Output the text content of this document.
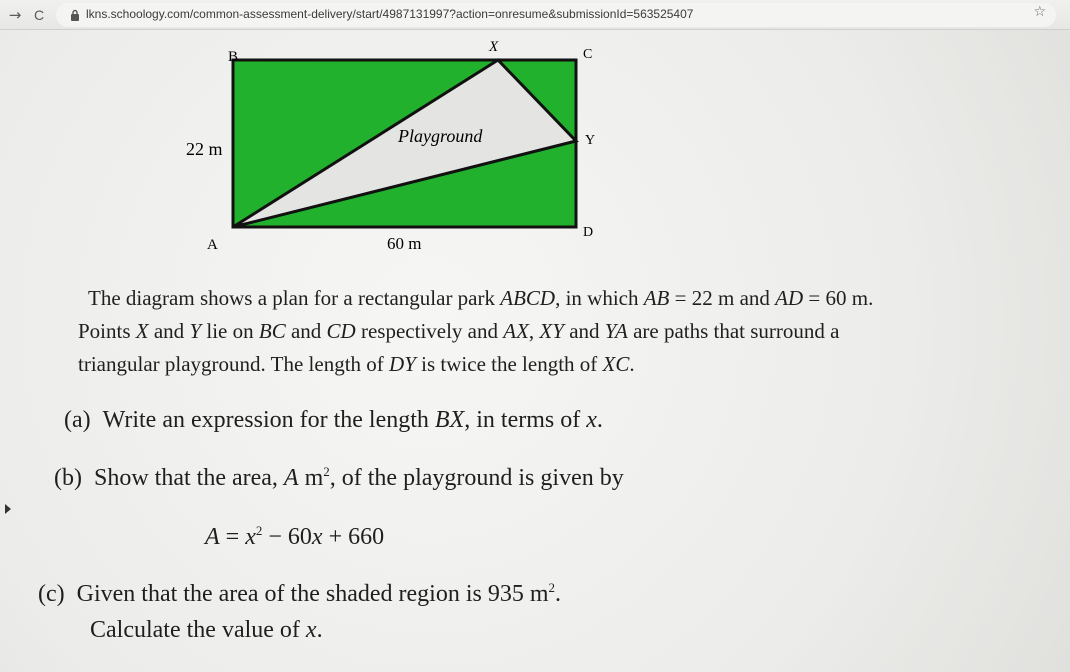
→ C	lkns.schoology.com/common-assessment-delivery/start/4987131997?action=onresume&submissionId=563525407	☆
B
X	C
Y
22 m
Playground
A	60 m
D
The diagram shows a plan for a rectangular park ABCD, in which AB = 22 m and AD = 60 m.
Points X and Y lie on BC and CD respectively and AX, XY and YA are paths that surround a
triangular playground. The length of DY is twice the length of XC.
(a) Write an expression for the length BX, in terms of x.
(b) Show that the area, A $m^2$, of the playground is given by
$A = x^2 - 60x + 660$
(c) Given that the area of the shaded region is 935 $m^2$.
Calculate the value of x.
